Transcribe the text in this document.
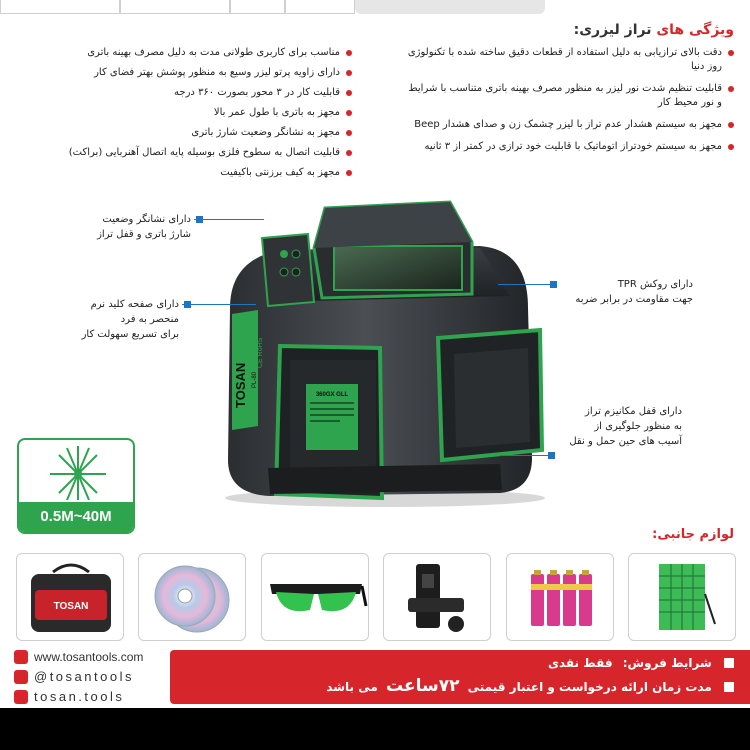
ویژگی های تراز لیزری:
دقت بالای ترازیابی به دلیل استفاده از قطعات دقیق ساخته شده با تکنولوژی روز دنیا
قابلیت تنظیم شدت نور لیزر به منظور مصرف بهینه باتری متناسب با شرایط و نور محیط کار
مجهز به سیستم هشدار عدم تراز با لیزر چشمک زن و صدای هشدار Beep
مجهز به سیستم خودتراز اتوماتیک با قابلیت خود ترازی در کمتر از ۳ ثانیه
مناسب برای کاربری طولانی مدت به دلیل مصرف بهینه باتری
دارای زاویه پرتو لیزر وسیع به منظور پوشش بهتر فضای کار
قابلیت کار در ۳ محور بصورت ۳۶۰ درجه
مجهز به باتری با طول عمر بالا
مجهز به نشانگر وضعیت شارژ باتری
قابلیت اتصال به سطوح فلزی بوسیله پایه اتصال آهنربایی (براکت)
مجهز به کیف برزنتی باکیفیت
TOSAN PL-80
CE RoHS
360GX GLL
دارای نشانگر وضعیت
شارژ باتری و قفل تراز
دارای صفحه کلید نرم
منحصر به فرد
برای تسریع سهولت کار
دارای روکش TPR
جهت مقاومت در برابر ضربه
دارای قفل مکانیزم تراز
به منظور جلوگیری از
آسیب های حین حمل و نقل
0.5M~40M
لوازم جانبی:
TOSAN
www.tosantools.com
@tosantools
tosan.tools
شرایط فروش: فقط نقدی
مدت زمان ارائه درخواست و اعتبار قیمتی ۷۲ساعت می باشد
